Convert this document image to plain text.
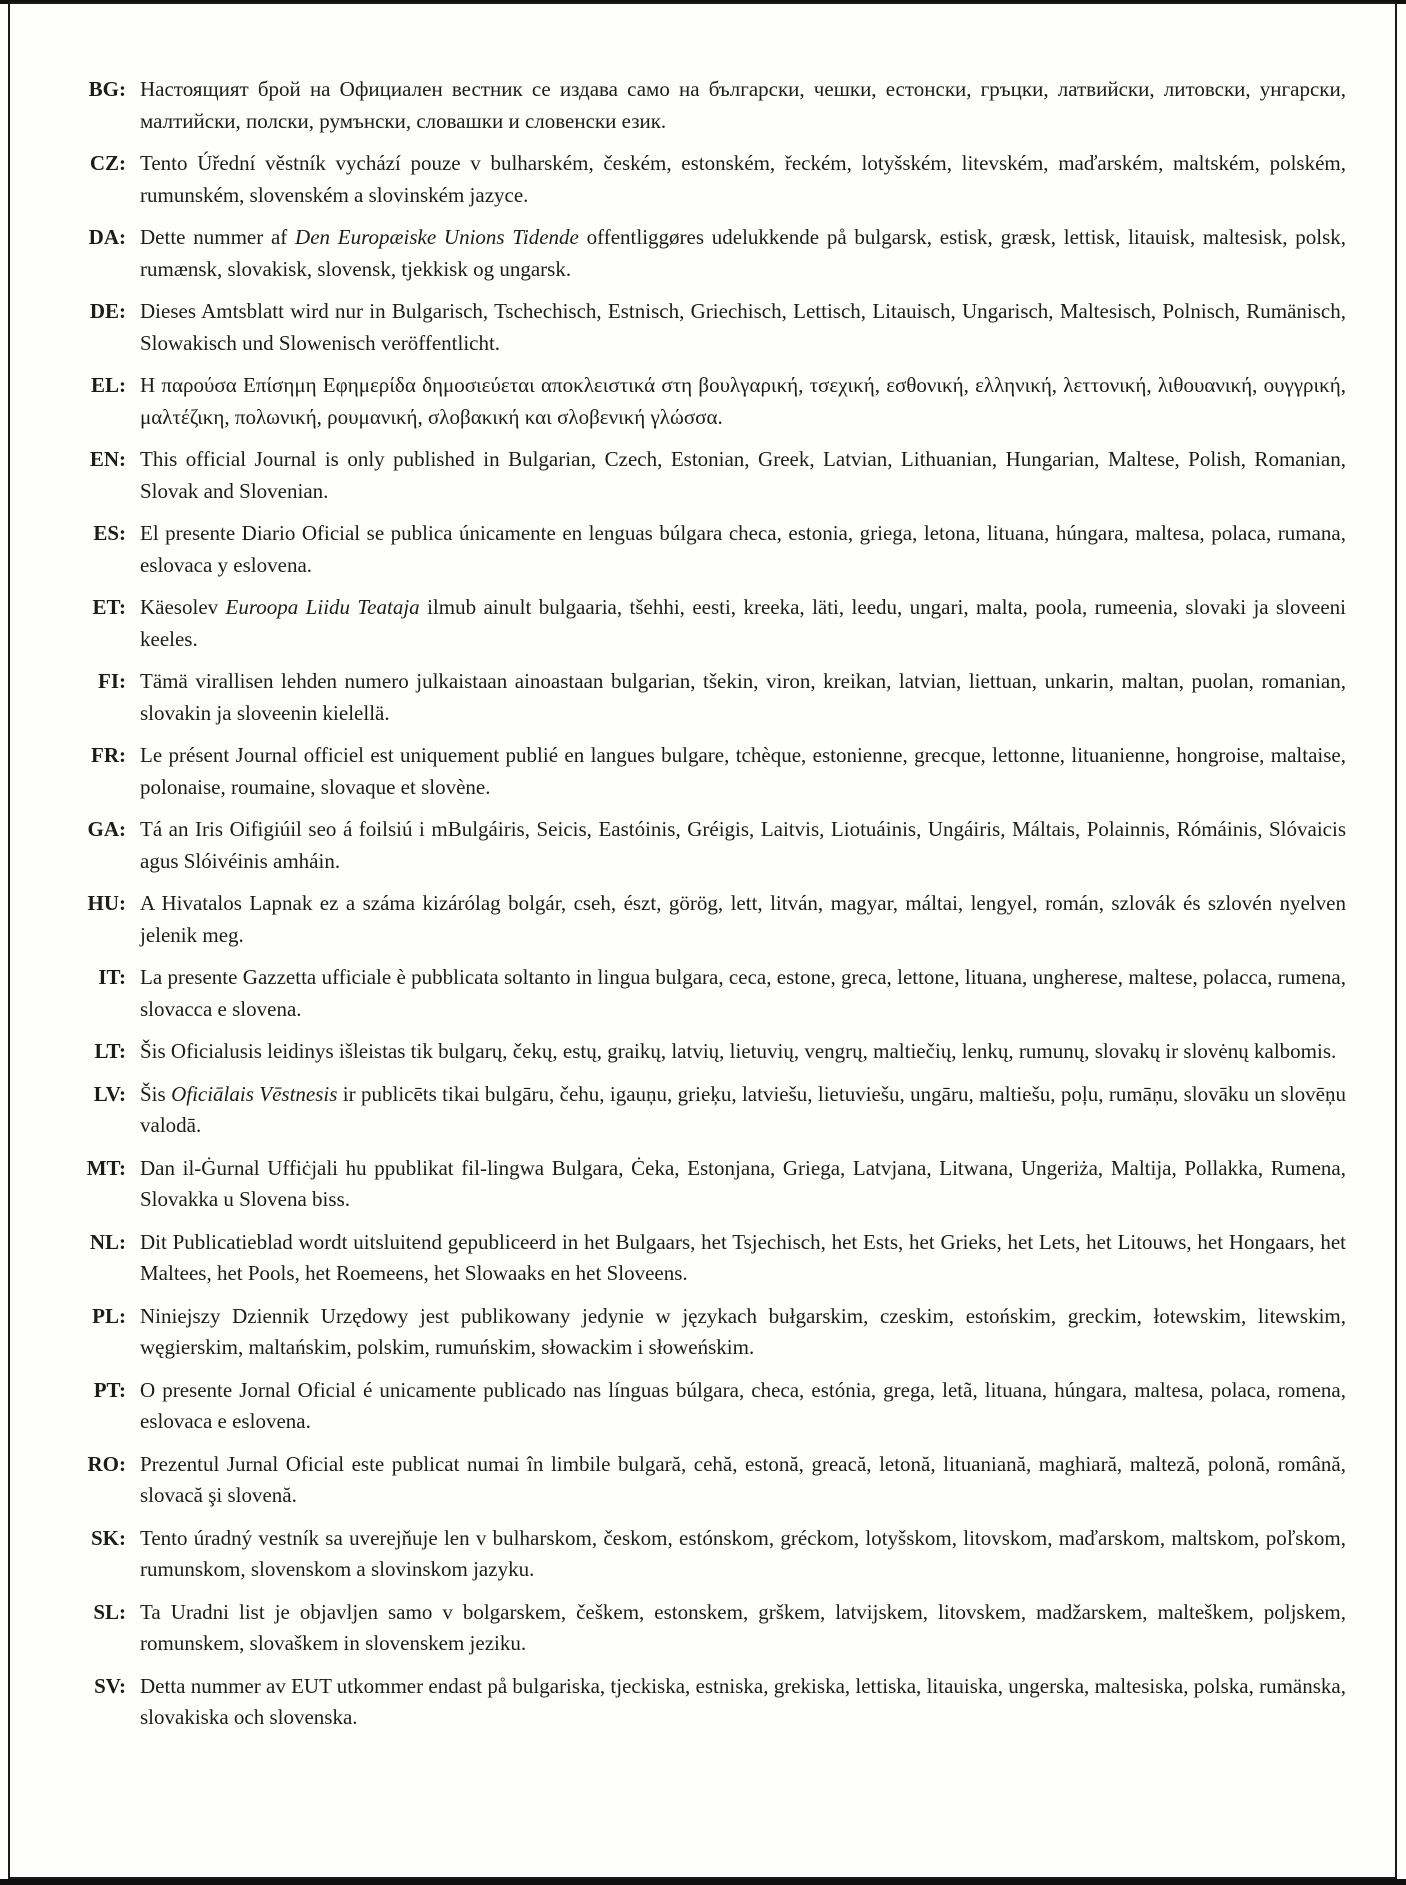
BG: Настоящият брой на Официален вестник се издава само на български, чешки, естонски, гръцки, латвийски, литовски, унгарски, малтийски, полски, румънски, словашки и словенски език.
CZ: Tento Úřední věstník vychází pouze v bulharském, českém, estonském, řeckém, lotyšském, litevském, maďarském, maltském, polském, rumunském, slovenském a slovinském jazyce.
DA: Dette nummer af Den Europæiske Unions Tidende offentliggøres udelukkende på bulgarsk, estisk, græsk, lettisk, litauisk, maltesisk, polsk, rumænsk, slovakisk, slovensk, tjekkisk og ungarsk.
DE: Dieses Amtsblatt wird nur in Bulgarisch, Tschechisch, Estnisch, Griechisch, Lettisch, Litauisch, Ungarisch, Maltesisch, Polnisch, Rumänisch, Slowakisch und Slowenisch veröffentlicht.
EL: Η παρούσα Επίσημη Εφημερίδα δημοσιεύεται αποκλειστικά στη βουλγαρική, τσεχική, εσθονική, ελληνική, λεττονική, λιθουανική, ουγγρική, μαλτέζικη, πολωνική, ρουμανική, σλοβακική και σλοβενική γλώσσα.
EN: This official Journal is only published in Bulgarian, Czech, Estonian, Greek, Latvian, Lithuanian, Hungarian, Maltese, Polish, Romanian, Slovak and Slovenian.
ES: El presente Diario Oficial se publica únicamente en lenguas búlgara checa, estonia, griega, letona, lituana, húngara, maltesa, polaca, rumana, eslovaca y eslovena.
ET: Käesolev Euroopa Liidu Teataja ilmub ainult bulgaaria, tšehhi, eesti, kreeka, läti, leedu, ungari, malta, poola, rumeenia, slovaki ja sloveeni keeles.
FI: Tämä virallisen lehden numero julkaistaan ainoastaan bulgarian, tšekin, viron, kreikan, latvian, liettuan, unkarin, maltan, puolan, romanian, slovakin ja sloveenin kielellä.
FR: Le présent Journal officiel est uniquement publié en langues bulgare, tchèque, estonienne, grecque, lettonne, lituanienne, hongroise, maltaise, polonaise, roumaine, slovaque et slovène.
GA: Tá an Iris Oifigiúil seo á foilsiú i mBulgáiris, Seicis, Eastóinis, Gréigis, Laitvis, Liotuáinis, Ungáiris, Máltais, Polainnis, Rómáinis, Slóvaicis agus Slóivéinis amháin.
HU: A Hivatalos Lapnak ez a száma kizárólag bolgár, cseh, észt, görög, lett, litván, magyar, máltai, lengyel, román, szlovák és szlovén nyelven jelenik meg.
IT: La presente Gazzetta ufficiale è pubblicata soltanto in lingua bulgara, ceca, estone, greca, lettone, lituana, ungherese, maltese, polacca, rumena, slovacca e slovena.
LT: Šis Oficialusis leidinys išleistas tik bulgarų, čekų, estų, graikų, latvių, lietuvių, vengrų, maltiečių, lenkų, rumunų, slovakų ir slovėnų kalbomis.
LV: Šis Oficiālais Vēstnesis ir publicēts tikai bulgāru, čehu, igauņu, grieķu, latviešu, lietuviešu, ungāru, maltiešu, poļu, rumāņu, slovāku un slovēņu valodā.
MT: Dan il-Ġurnal Uffiċjali hu ppublikat fil-lingwa Bulgara, Ċeka, Estonjana, Griega, Latvjana, Litwana, Ungeriża, Maltija, Pollakka, Rumena, Slovakka u Slovena biss.
NL: Dit Publicatieblad wordt uitsluitend gepubliceerd in het Bulgaars, het Tsjechisch, het Ests, het Grieks, het Lets, het Litouws, het Hongaars, het Maltees, het Pools, het Roemeens, het Slowaaks en het Sloveens.
PL: Niniejszy Dziennik Urzędowy jest publikowany jedynie w językach bułgarskim, czeskim, estońskim, greckim, łotewskim, litewskim, węgierskim, maltańskim, polskim, rumuńskim, słowackim i słoweńskim.
PT: O presente Jornal Oficial é unicamente publicado nas línguas búlgara, checa, estónia, grega, letã, lituana, húngara, maltesa, polaca, romena, eslovaca e eslovena.
RO: Prezentul Jurnal Oficial este publicat numai în limbile bulgară, cehă, estonă, greacă, letonă, lituaniană, maghiară, malteză, polonă, română, slovacă şi slovenă.
SK: Tento úradný vestník sa uverejňuje len v bulharskom, českom, estónskom, gréckom, lotyšskom, litovskom, maďarskom, maltskom, poľskom, rumunskom, slovenskom a slovinskom jazyku.
SL: Ta Uradni list je objavljen samo v bolgarskem, češkem, estonskem, grškem, latvijskem, litovskem, madžarskem, malteškem, poljskem, romunskem, slovaškem in slovenskem jeziku.
SV: Detta nummer av EUT utkommer endast på bulgariska, tjeckiska, estniska, grekiska, lettiska, litauiska, ungerska, maltesiska, polska, rumänska, slovakiska och slovenska.
